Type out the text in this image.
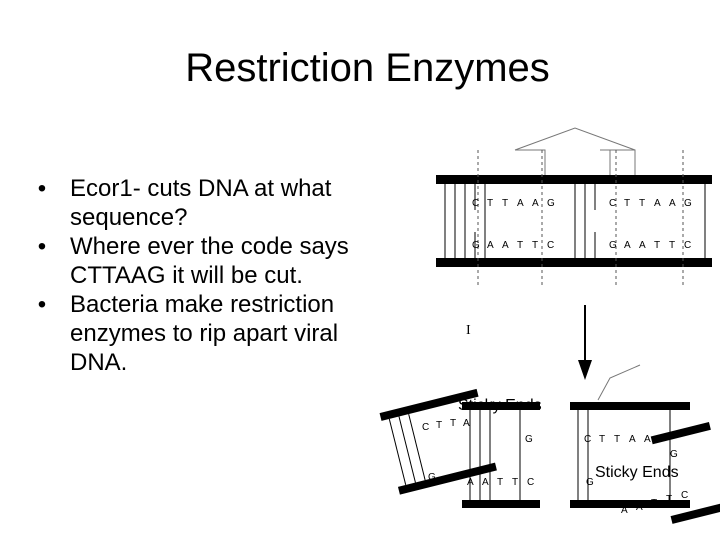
Restriction Enzymes
• Ecor1- cuts DNA at what sequence?
• Where ever the code says CTTAAG it will be cut.
• Bacteria make restriction enzymes to rip apart viral DNA.
C T T A A G
G A A T T C
C T T A A G
G A A T T C
I
C T T A
G
G	A A T T C
C T T A A
G
G
A A T T C
Sticky Ends
Sticky Ends
